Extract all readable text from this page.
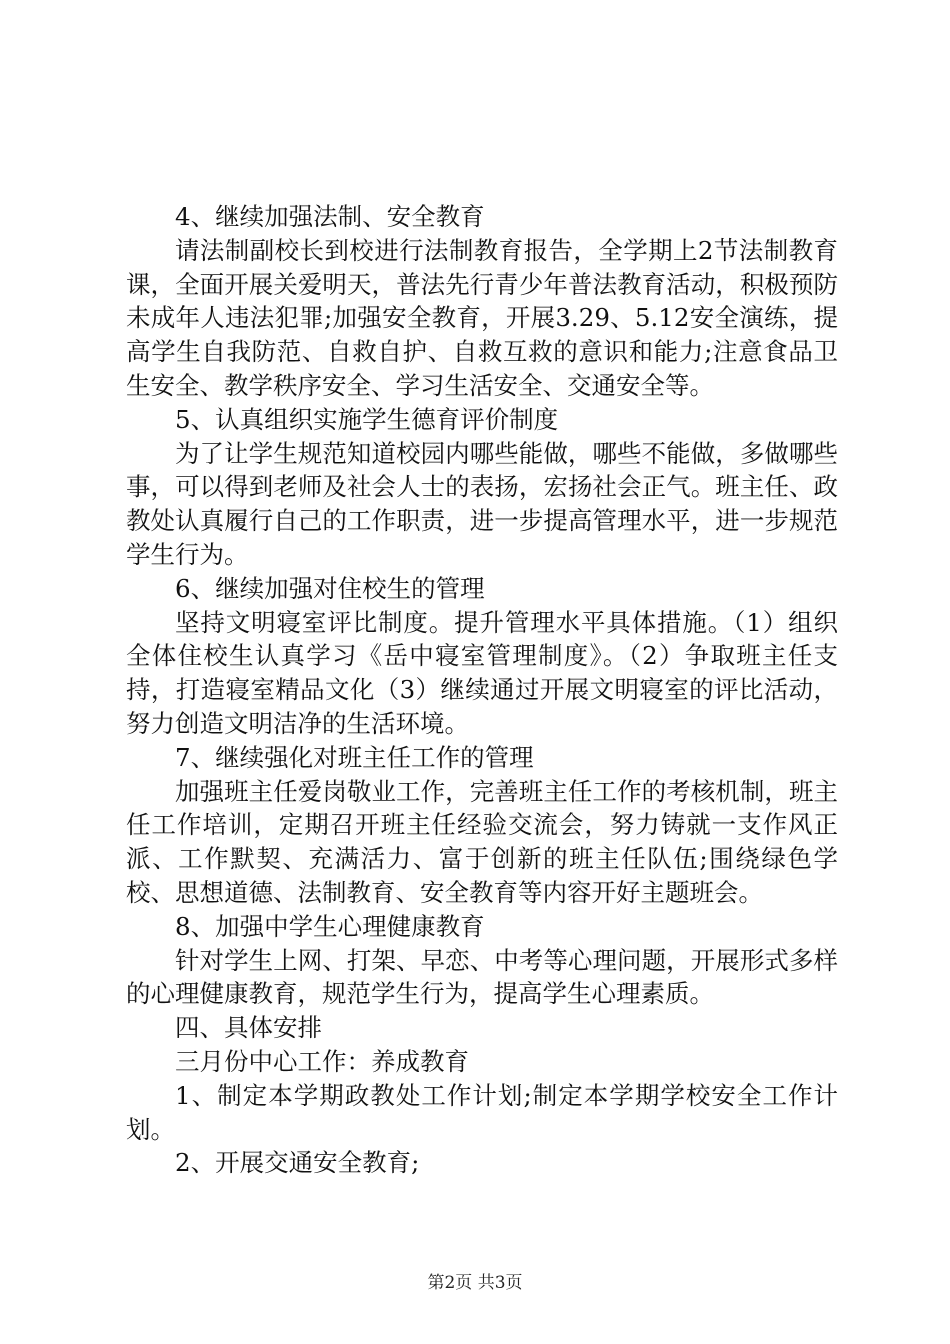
4、继续加强法制、安全教育

请法制副校长到校进行法制教育报告，全学期上2节法制教育课，全面开展关爱明天，普法先行青少年普法教育活动，积极预防未成年人违法犯罪;加强安全教育，开展3.29、5.12安全演练，提高学生自我防范、自救自护、自救互救的意识和能力;注意食品卫生安全、教学秩序安全、学习生活安全、交通安全等。

5、认真组织实施学生德育评价制度

为了让学生规范知道校园内哪些能做，哪些不能做，多做哪些事，可以得到老师及社会人士的表扬，宏扬社会正气。班主任、政教处认真履行自己的工作职责，进一步提高管理水平，进一步规范学生行为。

6、继续加强对住校生的管理

坚持文明寝室评比制度。提升管理水平具体措施。（1）组织全体住校生认真学习《岳中寝室管理制度》。（2）争取班主任支持，打造寝室精品文化（3）继续通过开展文明寝室的评比活动，努力创造文明洁净的生活环境。

7、继续强化对班主任工作的管理

加强班主任爱岗敬业工作，完善班主任工作的考核机制，班主任工作培训，定期召开班主任经验交流会，努力铸就一支作风正派、工作默契、充满活力、富于创新的班主任队伍;围绕绿色学校、思想道德、法制教育、安全教育等内容开好主题班会。

8、加强中学生心理健康教育

针对学生上网、打架、早恋、中考等心理问题，开展形式多样的心理健康教育，规范学生行为，提高学生心理素质。

四、具体安排

三月份中心工作：养成教育

1、制定本学期政教处工作计划;制定本学期学校安全工作计划。

2、开展交通安全教育;

第2页 共3页
